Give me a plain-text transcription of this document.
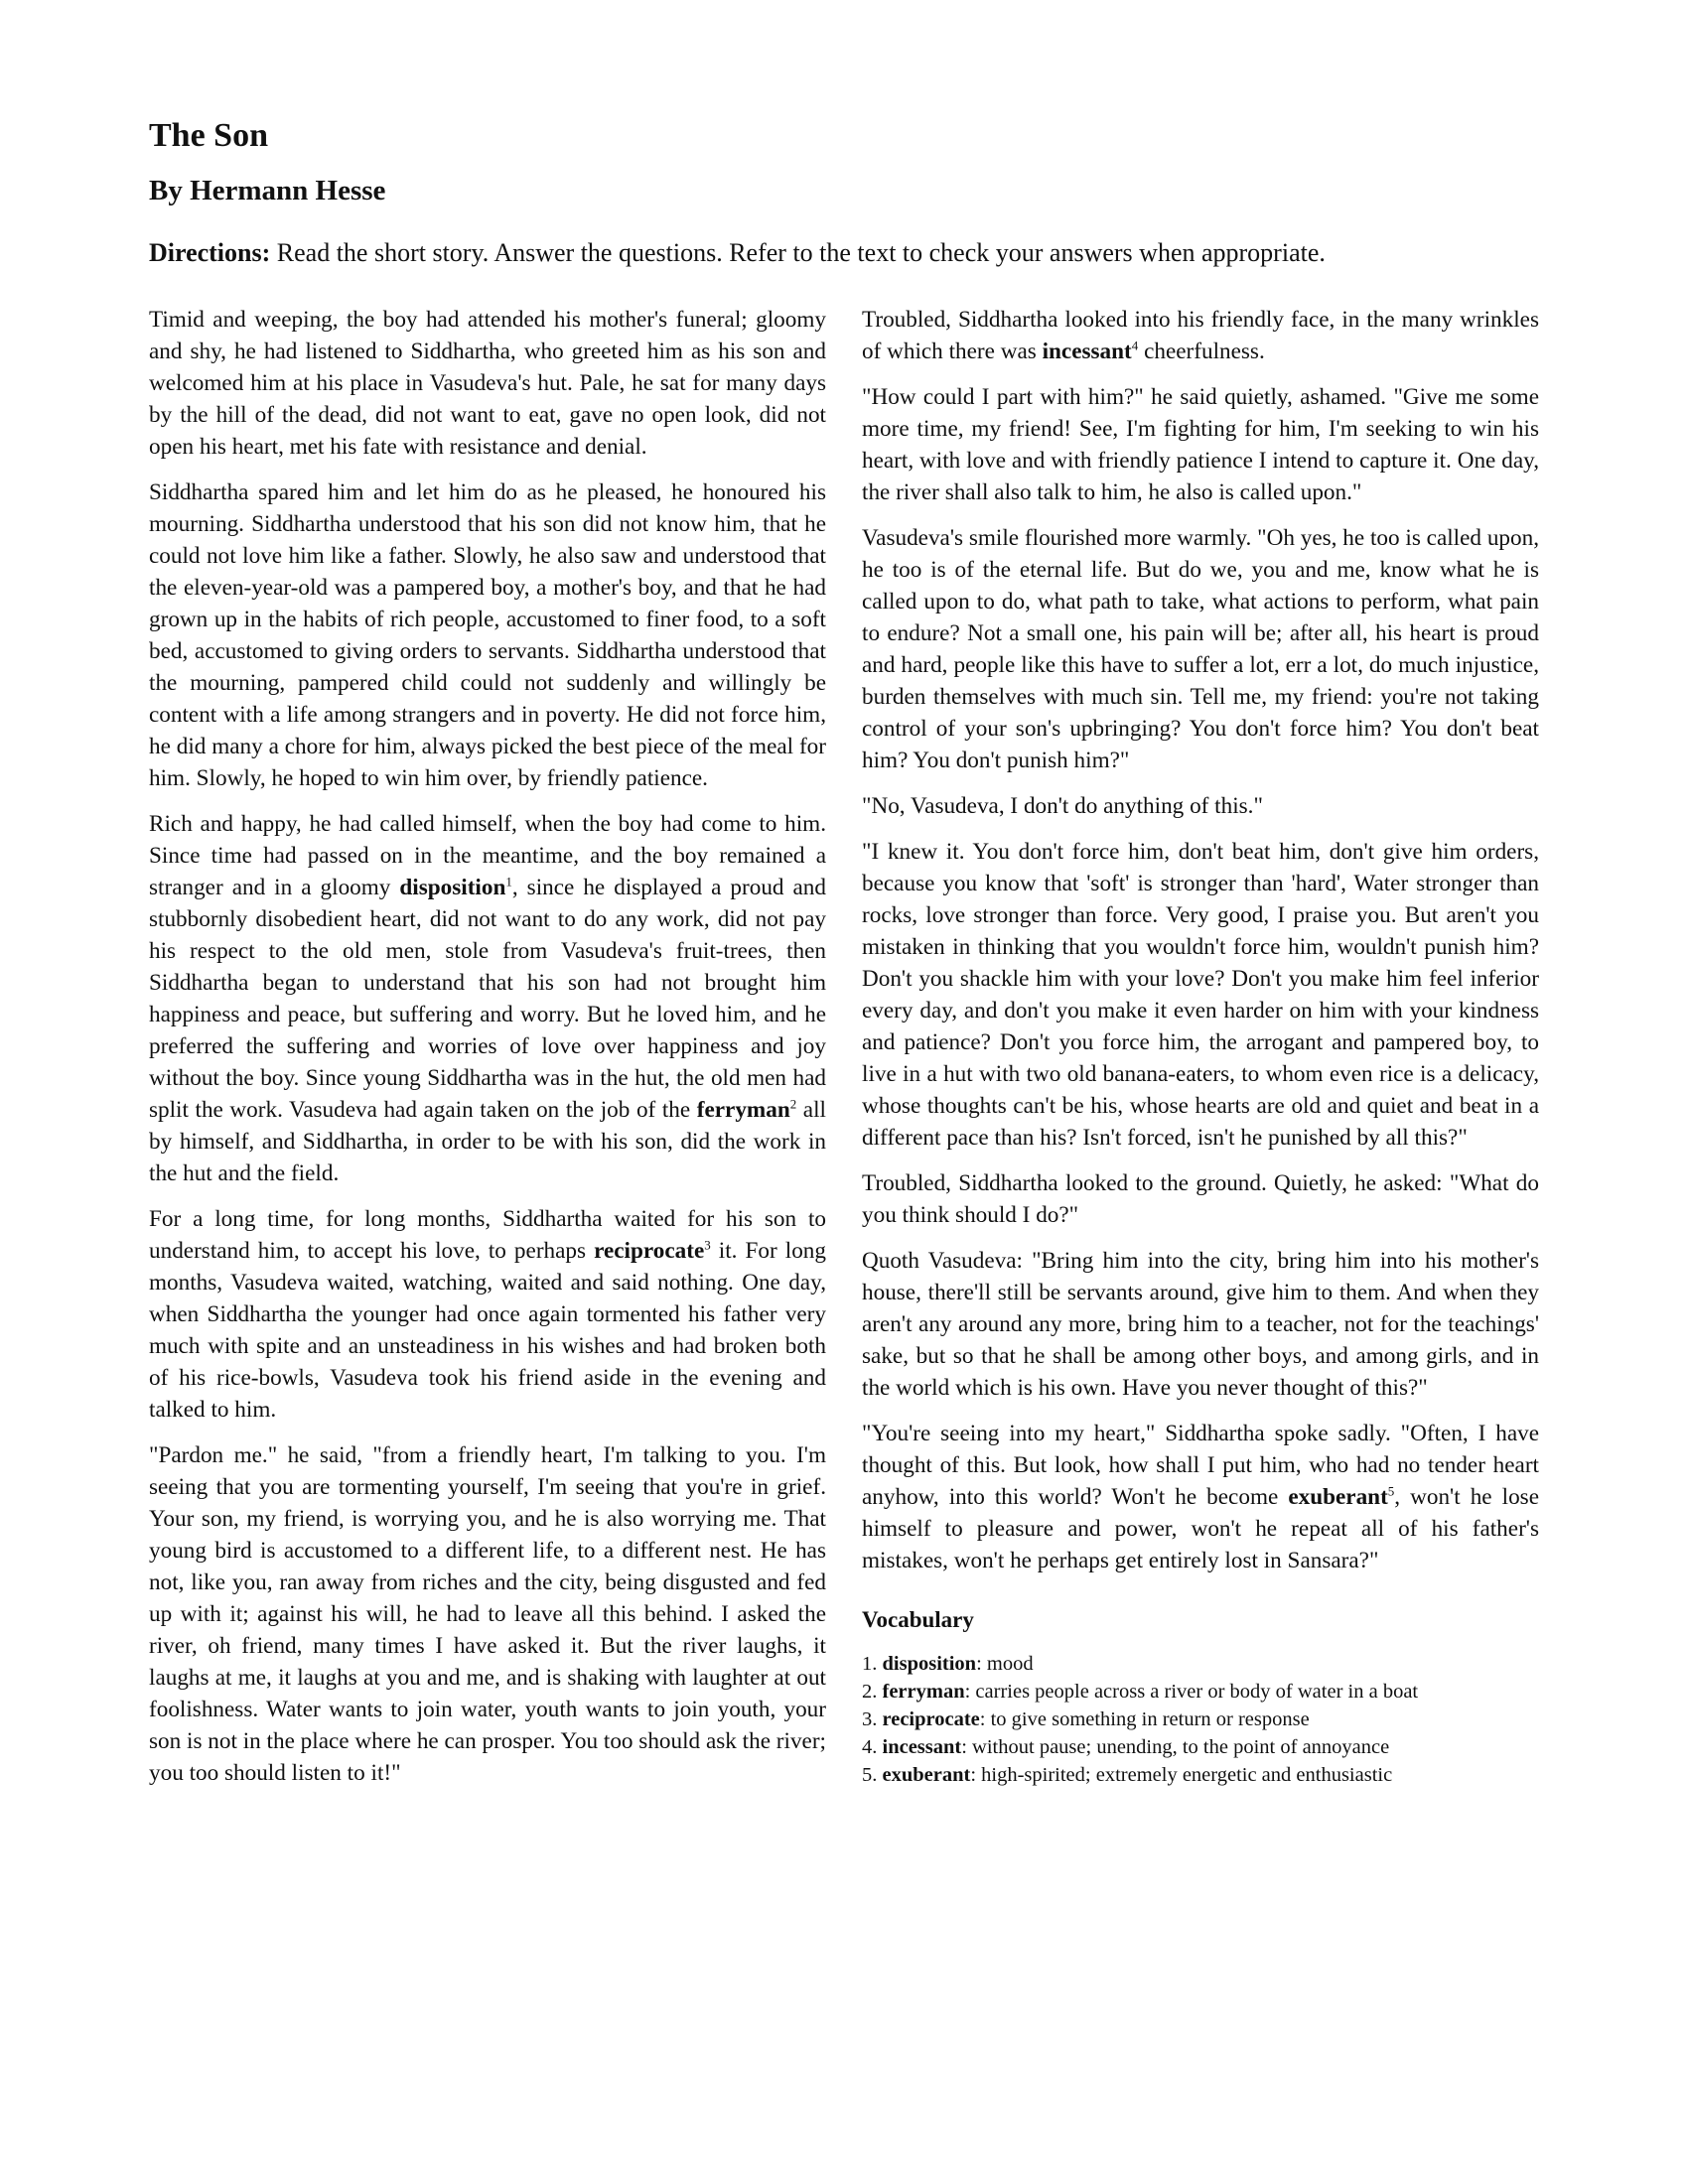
The Son
By Hermann Hesse

Directions: Read the short story. Answer the questions. Refer to the text to check your answers when appropriate.

Timid and weeping, the boy had attended his mother's funeral; gloomy and shy, he had listened to Siddhartha, who greeted him as his son and welcomed him at his place in Vasudeva's hut. Pale, he sat for many days by the hill of the dead, did not want to eat, gave no open look, did not open his heart, met his fate with resistance and denial.

Siddhartha spared him and let him do as he pleased, he honoured his mourning. Siddhartha understood that his son did not know him, that he could not love him like a father. Slowly, he also saw and understood that the eleven-year-old was a pampered boy, a mother's boy, and that he had grown up in the habits of rich people, accustomed to finer food, to a soft bed, accustomed to giving orders to servants. Siddhartha understood that the mourning, pampered child could not suddenly and willingly be content with a life among strangers and in poverty. He did not force him, he did many a chore for him, always picked the best piece of the meal for him. Slowly, he hoped to win him over, by friendly patience.

Rich and happy, he had called himself, when the boy had come to him. Since time had passed on in the meantime, and the boy remained a stranger and in a gloomy disposition$^1$, since he displayed a proud and stubbornly disobedient heart, did not want to do any work, did not pay his respect to the old men, stole from Vasudeva's fruit-trees, then Siddhartha began to understand that his son had not brought him happiness and peace, but suffering and worry. But he loved him, and he preferred the suffering and worries of love over happiness and joy without the boy. Since young Siddhartha was in the hut, the old men had split the work. Vasudeva had again taken on the job of the ferryman$^2$ all by himself, and Siddhartha, in order to be with his son, did the work in the hut and the field.

For a long time, for long months, Siddhartha waited for his son to understand him, to accept his love, to perhaps reciprocate$^3$ it. For long months, Vasudeva waited, watching, waited and said nothing. One day, when Siddhartha the younger had once again tormented his father very much with spite and an unsteadiness in his wishes and had broken both of his rice-bowls, Vasudeva took his friend aside in the evening and talked to him.

"Pardon me." he said, "from a friendly heart, I'm talking to you. I'm seeing that you are tormenting yourself, I'm seeing that you're in grief. Your son, my friend, is worrying you, and he is also worrying me. That young bird is accustomed to a different life, to a different nest. He has not, like you, ran away from riches and the city, being disgusted and fed up with it; against his will, he had to leave all this behind. I asked the river, oh friend, many times I have asked it. But the river laughs, it laughs at me, it laughs at you and me, and is shaking with laughter at out foolishness. Water wants to join water, youth wants to join youth, your son is not in the place where he can prosper. You too should ask the river; you too should listen to it!"

Troubled, Siddhartha looked into his friendly face, in the many wrinkles of which there was incessant$^4$ cheerfulness.

"How could I part with him?" he said quietly, ashamed. "Give me some more time, my friend! See, I'm fighting for him, I'm seeking to win his heart, with love and with friendly patience I intend to capture it. One day, the river shall also talk to him, he also is called upon."

Vasudeva's smile flourished more warmly. "Oh yes, he too is called upon, he too is of the eternal life. But do we, you and me, know what he is called upon to do, what path to take, what actions to perform, what pain to endure? Not a small one, his pain will be; after all, his heart is proud and hard, people like this have to suffer a lot, err a lot, do much injustice, burden themselves with much sin. Tell me, my friend: you're not taking control of your son's upbringing? You don't force him? You don't beat him? You don't punish him?"

"No, Vasudeva, I don't do anything of this."

"I knew it. You don't force him, don't beat him, don't give him orders, because you know that 'soft' is stronger than 'hard', Water stronger than rocks, love stronger than force. Very good, I praise you. But aren't you mistaken in thinking that you wouldn't force him, wouldn't punish him? Don't you shackle him with your love? Don't you make him feel inferior every day, and don't you make it even harder on him with your kindness and patience? Don't you force him, the arrogant and pampered boy, to live in a hut with two old banana-eaters, to whom even rice is a delicacy, whose thoughts can't be his, whose hearts are old and quiet and beat in a different pace than his? Isn't forced, isn't he punished by all this?"

Troubled, Siddhartha looked to the ground. Quietly, he asked: "What do you think should I do?"

Quoth Vasudeva: "Bring him into the city, bring him into his mother's house, there'll still be servants around, give him to them. And when they aren't any around any more, bring him to a teacher, not for the teachings' sake, but so that he shall be among other boys, and among girls, and in the world which is his own. Have you never thought of this?"

"You're seeing into my heart," Siddhartha spoke sadly. "Often, I have thought of this. But look, how shall I put him, who had no tender heart anyhow, into this world? Won't he become exuberant$^5$, won't he lose himself to pleasure and power, won't he repeat all of his father's mistakes, won't he perhaps get entirely lost in Sansara?"

Vocabulary
1. disposition: mood
2. ferryman: carries people across a river or body of water in a boat
3. reciprocate: to give something in return or response
4. incessant: without pause; unending, to the point of annoyance
5. exuberant: high-spirited; extremely energetic and enthusiastic
